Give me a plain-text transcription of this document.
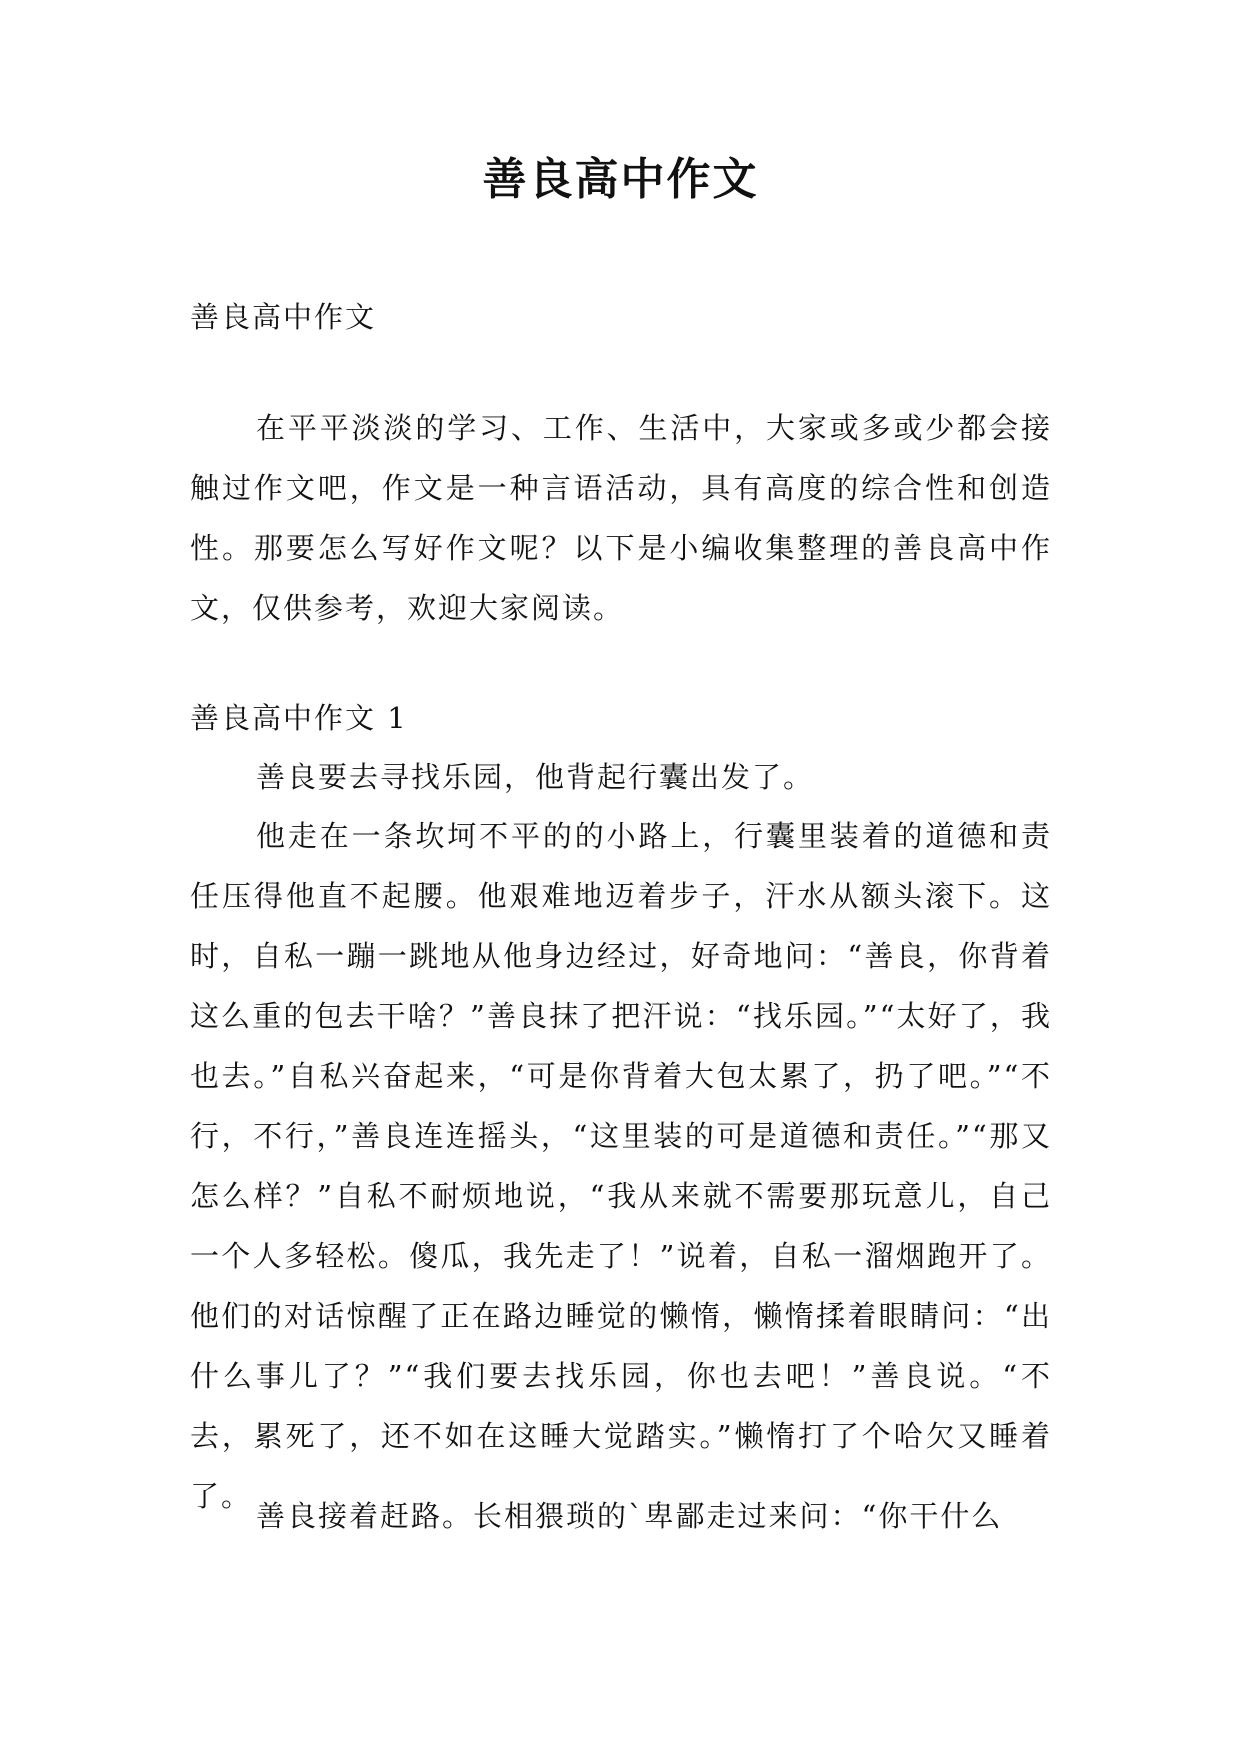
善良高中作文

善良高中作文

在平平淡淡的学习、工作、生活中，大家或多或少都会接触过作文吧，作文是一种言语活动，具有高度的综合性和创造性。那要怎么写好作文呢？以下是小编收集整理的善良高中作文，仅供参考，欢迎大家阅读。

善良高中作文 1

善良要去寻找乐园，他背起行囊出发了。

他走在一条坎坷不平的的小路上，行囊里装着的道德和责任压得他直不起腰。他艰难地迈着步子，汗水从额头滚下。这时，自私一蹦一跳地从他身边经过，好奇地问：“善良，你背着这么重的包去干啥？”善良抹了把汗说：“找乐园。”“太好了，我也去。”自私兴奋起来，“可是你背着大包太累了，扔了吧。”“不行，不行，”善良连连摇头，“这里装的可是道德和责任。”“那又怎么样？”自私不耐烦地说，“我从来就不需要那玩意儿，自己一个人多轻松。傻瓜，我先走了！”说着，自私一溜烟跑开了。他们的对话惊醒了正在路边睡觉的懒惰，懒惰揉着眼睛问：“出什么事儿了？”“我们要去找乐园，你也去吧！”善良说。“不去，累死了，还不如在这睡大觉踏实。”懒惰打了个哈欠又睡着了。

善良接着赶路。长相猥琐的`卑鄙走过来问：“你干什么
